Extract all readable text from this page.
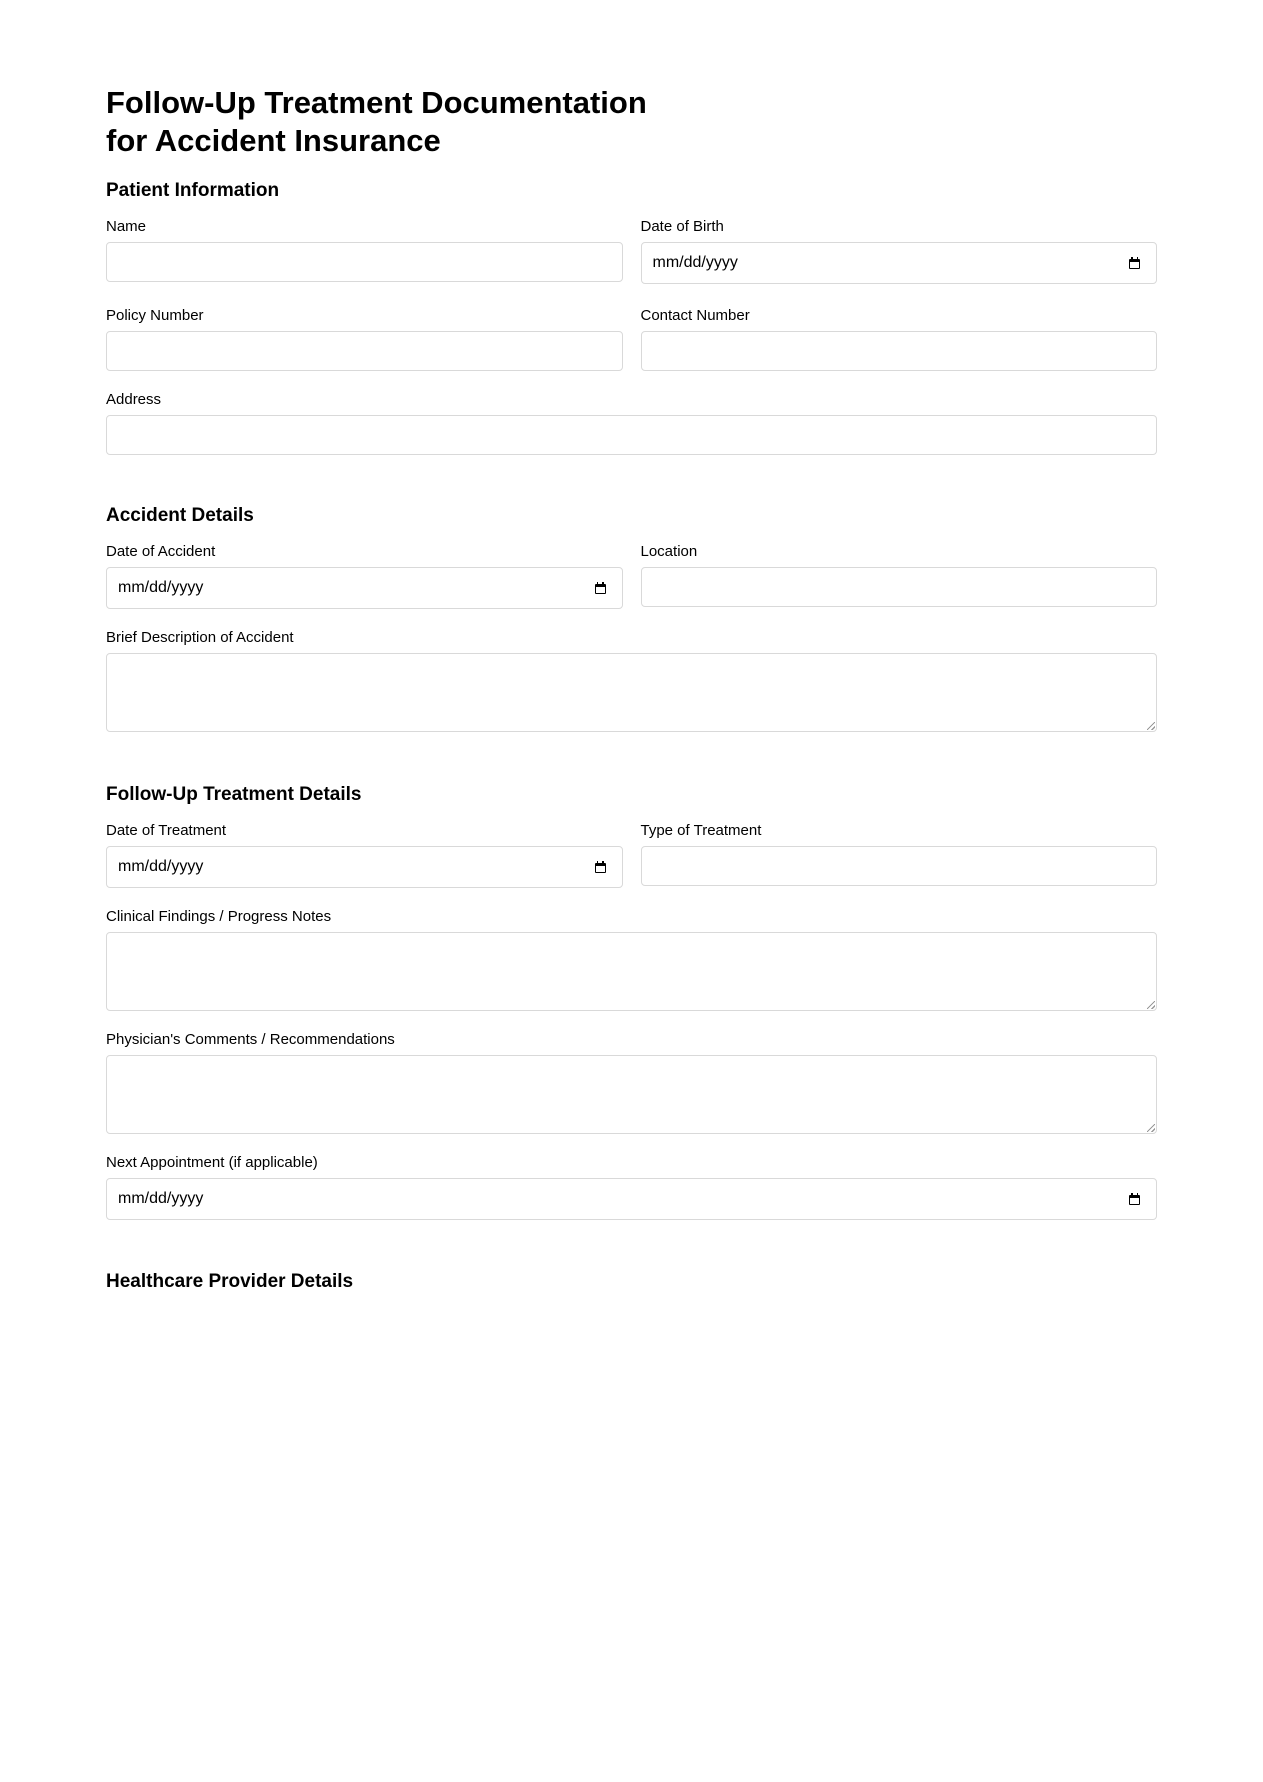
Follow-Up Treatment Documentation
for Accident Insurance
Patient Information
Name	Date of Birth
mm/dd/yyyy
Policy Number	Contact Number
Address
Accident Details
Date of Accident
mm/dd/yyyy
Location
Brief Description of Accident
Follow-Up Treatment Details
Date of Treatment
mm/dd/yyyy
Type of Treatment
Clinical Findings / Progress Notes
Physician's Comments / Recommendations
Next Appointment (if applicable)
mm/dd/yyyy
Healthcare Provider Details
